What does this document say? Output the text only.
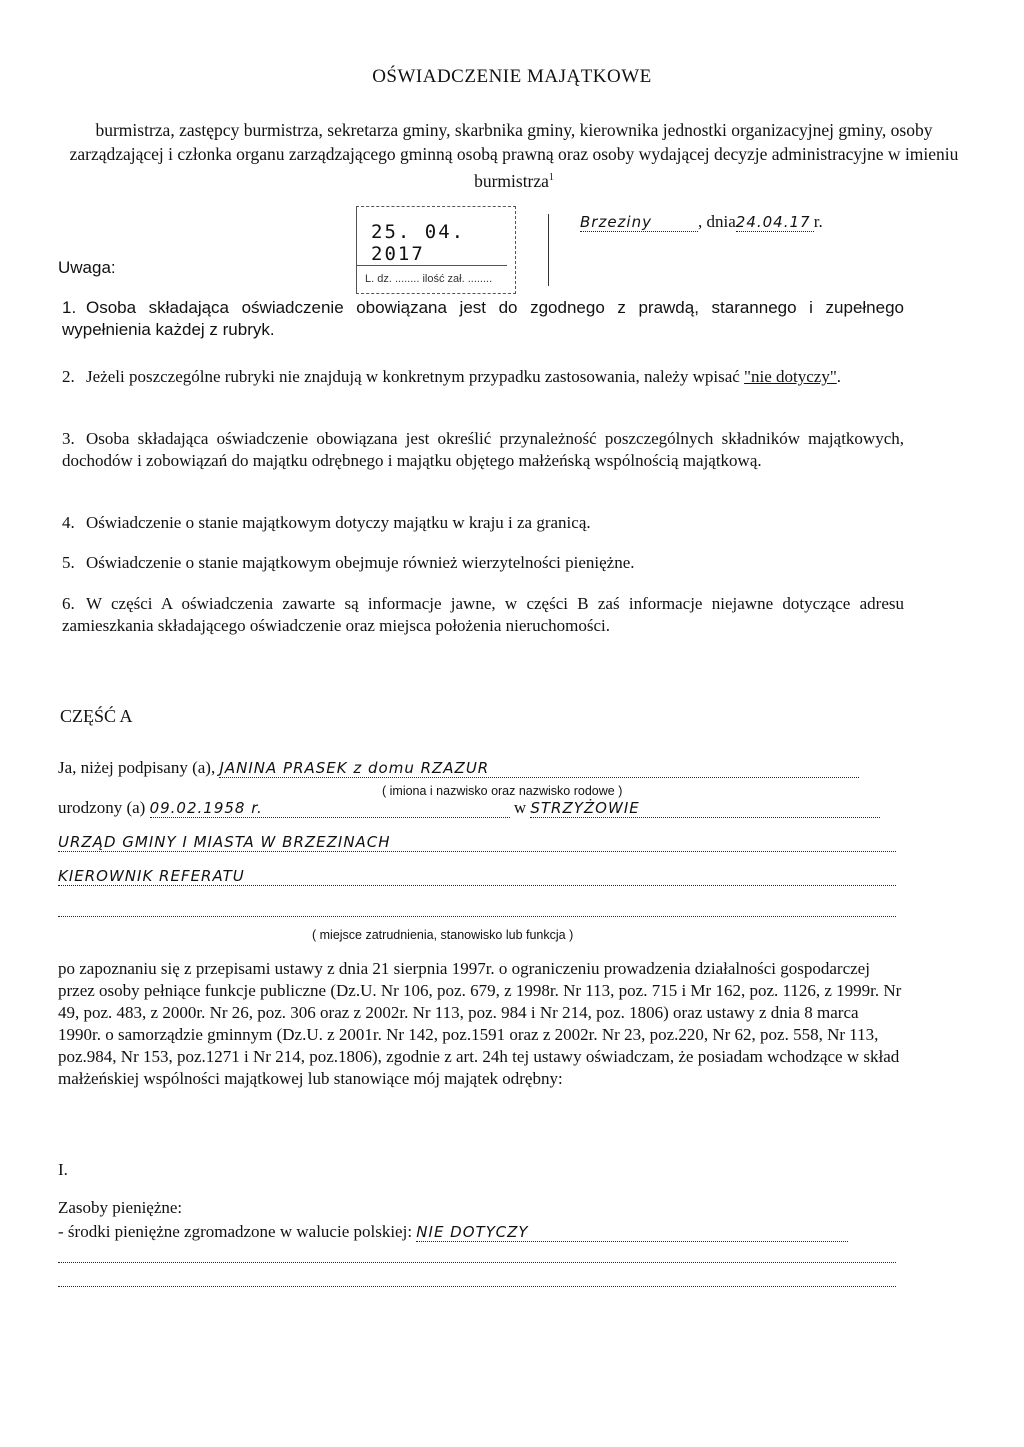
OŚWIADCZENIE MAJĄTKOWE
burmistrza, zastępcy burmistrza, sekretarza gminy, skarbnika gminy, kierownika jednostki organizacyjnej gminy, osoby zarządzającej i członka organu zarządzającego gminną osobą prawną oraz osoby wydającej decyzje administracyjne w imieniu burmistrza$^1$
25. 04. 2017
L. dz. ........ ilość zał. ........
Brzeziny	, dnia24.04.17 r.
Uwaga:
1. Osoba składająca oświadczenie obowiązana jest do zgodnego z prawdą, starannego i zupełnego wypełnienia każdej z rubryk.
2. Jeżeli poszczególne rubryki nie znajdują w konkretnym przypadku zastosowania, należy wpisać "nie dotyczy".
3. Osoba składająca oświadczenie obowiązana jest określić przynależność poszczególnych składników majątkowych, dochodów i zobowiązań do majątku odrębnego i majątku objętego małżeńską wspólnością majątkową.
4. Oświadczenie o stanie majątkowym dotyczy majątku w kraju i za granicą.
5. Oświadczenie o stanie majątkowym obejmuje również wierzytelności pieniężne.
6. W części A oświadczenia zawarte są informacje jawne, w części B zaś informacje niejawne dotyczące adresu zamieszkania składającego oświadczenie oraz miejsca położenia nieruchomości.
CZĘŚĆ A
Ja, niżej podpisany (a), JANINA PRASEK z domu RZAZUR
( imiona i nazwisko oraz nazwisko rodowe )
urodzony (a) 09.02.1958 r.	w STRZYŻOWIE
URZĄD GMINY I MIASTA W BRZEZINACH
KIEROWNIK REFERATU
( miejsce zatrudnienia, stanowisko lub funkcja )
po zapoznaniu się z przepisami ustawy z dnia 21 sierpnia 1997r. o ograniczeniu prowadzenia działalności gospodarczej przez osoby pełniące funkcje publiczne (Dz.U. Nr 106, poz. 679, z 1998r. Nr 113, poz. 715 i Mr 162, poz. 1126, z 1999r. Nr 49, poz. 483, z 2000r. Nr 26, poz. 306 oraz z 2002r. Nr 113, poz. 984 i Nr 214, poz. 1806) oraz ustawy z dnia 8 marca 1990r. o samorządzie gminnym (Dz.U. z 2001r. Nr 142, poz.1591 oraz z 2002r. Nr 23, poz.220, Nr 62, poz. 558, Nr 113, poz.984, Nr 153, poz.1271 i Nr 214, poz.1806), zgodnie z art. 24h tej ustawy oświadczam, że posiadam wchodzące w skład małżeńskiej wspólności majątkowej lub stanowiące mój majątek odrębny:
I.
Zasoby pieniężne:
- środki pieniężne zgromadzone w walucie polskiej: NIE DOTYCZY
